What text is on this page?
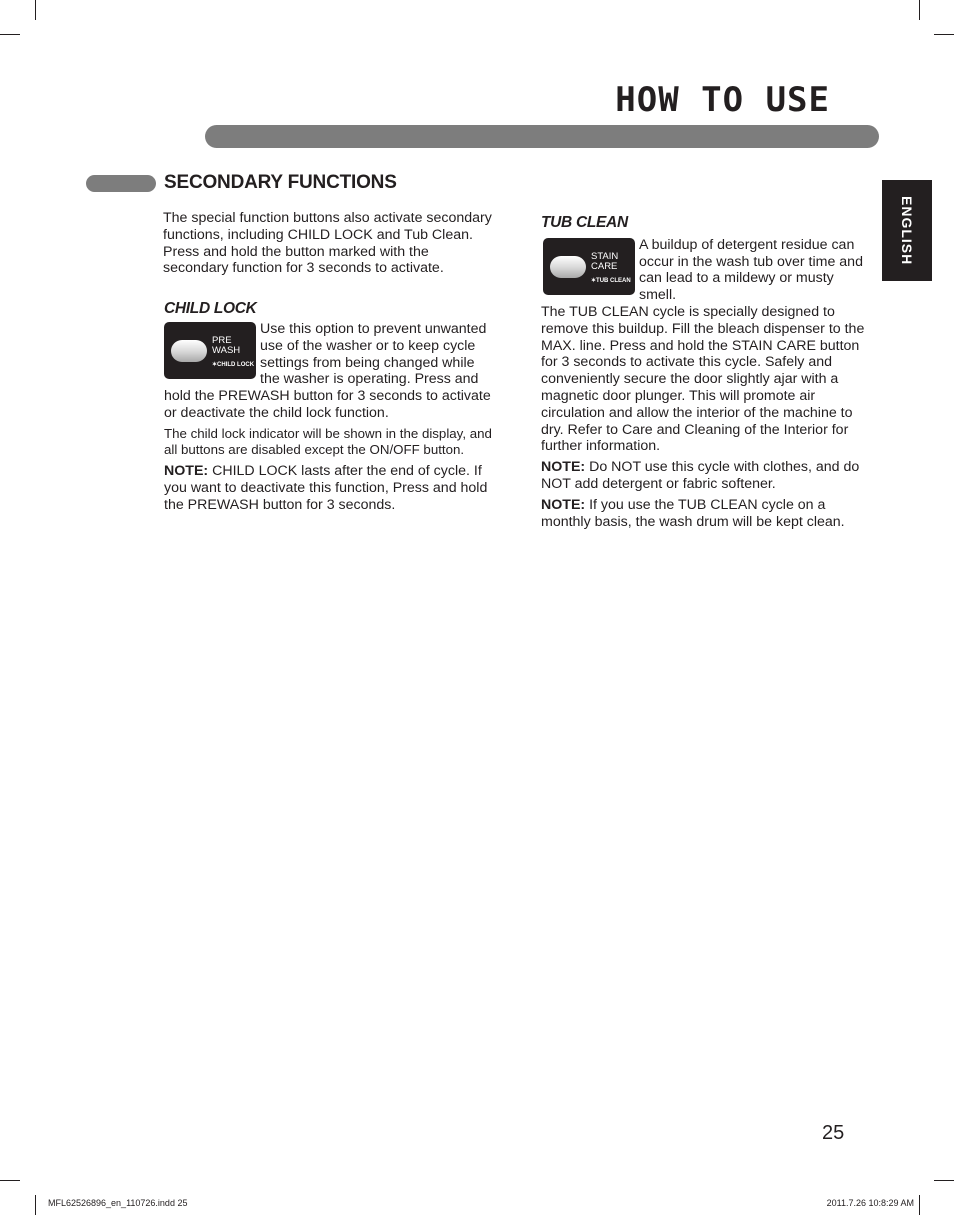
HOW TO USE
ENGLISH
SECONDARY FUNCTIONS

The special function buttons also activate secondary functions, including CHILD LOCK and Tub Clean. Press and hold the button marked with the secondary function for 3 seconds to activate.

CHILD LOCK
PRE
WASH
✶CHILD LOCK

Use this option to prevent unwanted use of the washer or to keep cycle settings from being changed while the washer is operating. Press and hold the PREWASH button for 3 seconds to activate or deactivate the child lock function.

The child lock indicator will be shown in the display, and all buttons are disabled except the ON/OFF button.

NOTE: CHILD LOCK lasts after the end of cycle. If you want to deactivate this function, Press and hold the PREWASH button for 3 seconds.

TUB CLEAN
STAIN
CARE
✶TUB CLEAN

A buildup of detergent residue can occur in the wash tub over time and can lead to a mildewy or musty smell.

The TUB CLEAN cycle is specially designed to remove this buildup. Fill the bleach dispenser to the MAX. line. Press and hold the STAIN CARE button for 3 seconds to activate this cycle. Safely and conveniently secure the door slightly ajar with a magnetic door plunger. This will promote air circulation and allow the interior of the machine to dry. Refer to Care and Cleaning of the Interior for further information.

NOTE: Do NOT use this cycle with clothes, and do NOT add detergent or fabric softener.

NOTE: If you use the TUB CLEAN cycle on a monthly basis, the wash drum will be kept clean.

25
MFL62526896_en_110726.indd 25	2011.7.26 10:8:29 AM
